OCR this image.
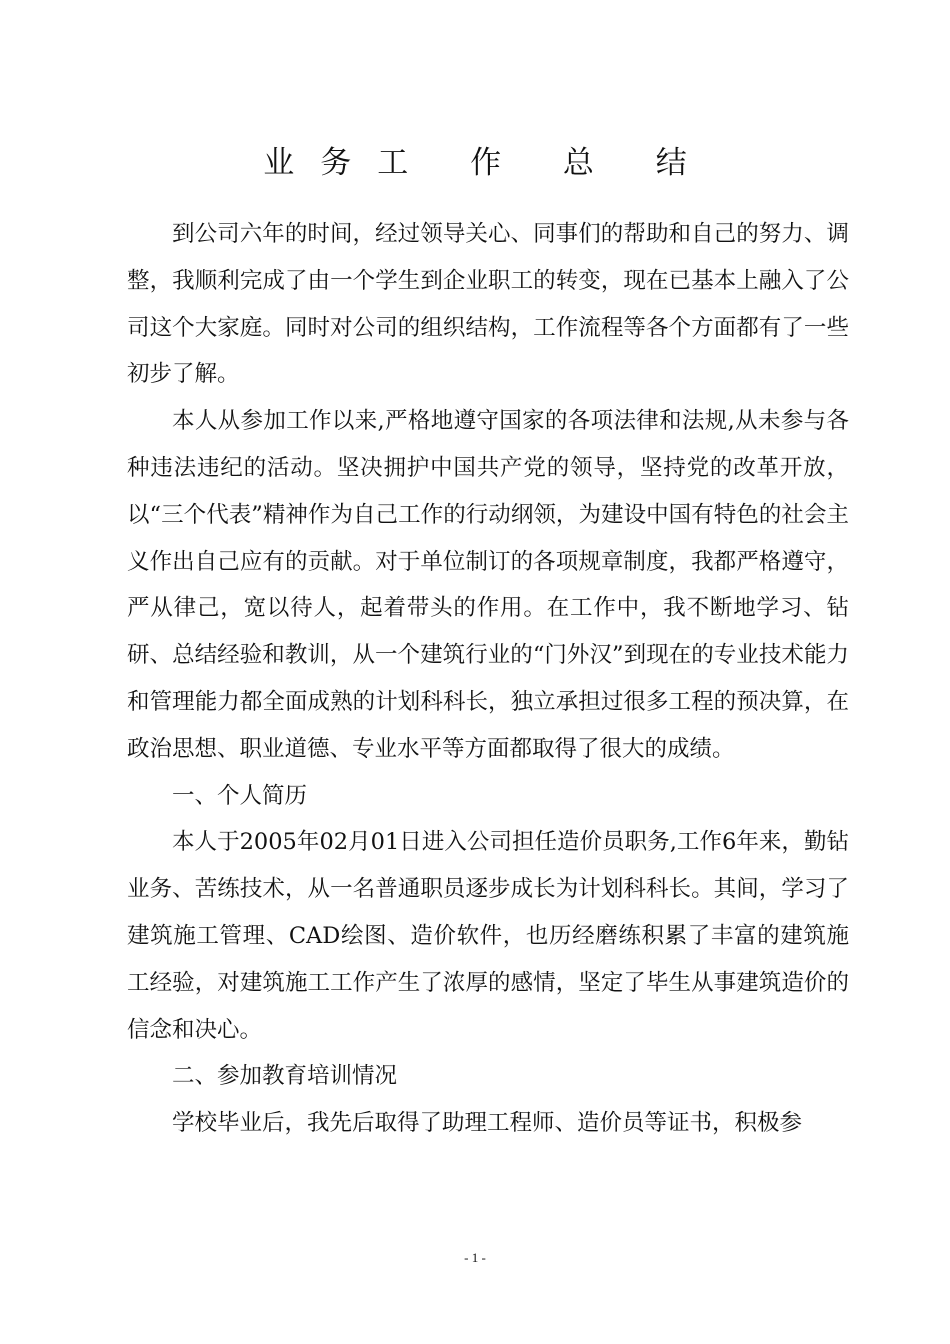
业务工 作 总 结

到公司六年的时间，经过领导关心、同事们的帮助和自己的努力、调整，我顺利完成了由一个学生到企业职工的转变，现在已基本上融入了公司这个大家庭。同时对公司的组织结构，工作流程等各个方面都有了一些初步了解。

本人从参加工作以来,严格地遵守国家的各项法律和法规,从未参与各种违法违纪的活动。坚决拥护中国共产党的领导，坚持党的改革开放，以“三个代表”精神作为自己工作的行动纲领，为建设中国有特色的社会主义作出自己应有的贡献。对于单位制订的各项规章制度，我都严格遵守，严从律己，宽以待人，起着带头的作用。在工作中，我不断地学习、钻研、总结经验和教训，从一个建筑行业的“门外汉”到现在的专业技术能力和管理能力都全面成熟的计划科科长，独立承担过很多工程的预决算，在政治思想、职业道德、专业水平等方面都取得了很大的成绩。

一、个人简历

本人于2005年02月01日进入公司担任造价员职务,工作6年来，勤钻业务、苦练技术，从一名普通职员逐步成长为计划科科长。其间，学习了建筑施工管理、CAD绘图、造价软件，也历经磨练积累了丰富的建筑施工经验，对建筑施工工作产生了浓厚的感情，坚定了毕生从事建筑造价的信念和决心。

二、参加教育培训情况

学校毕业后，我先后取得了助理工程师、造价员等证书，积极参

- 1 -
